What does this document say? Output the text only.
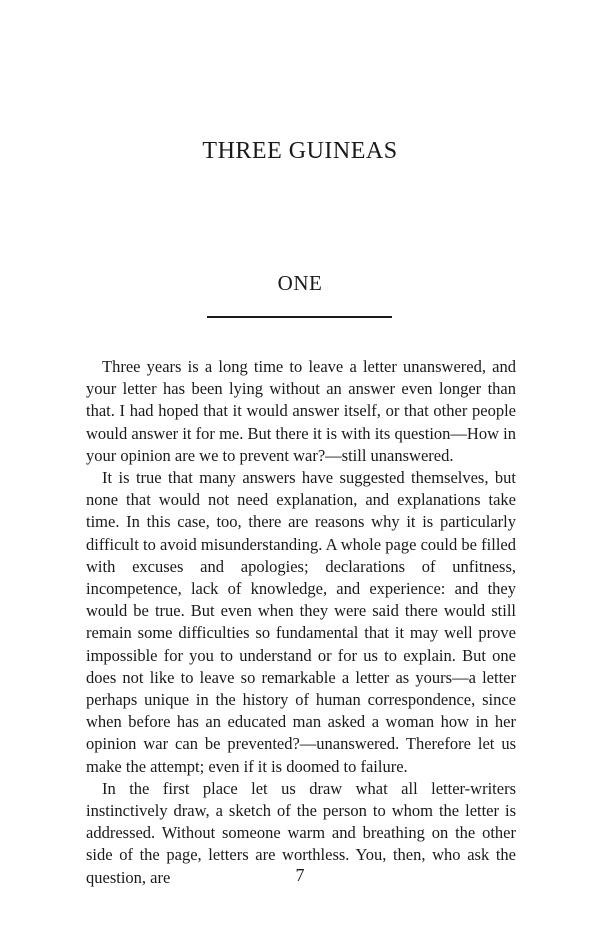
THREE GUINEAS
ONE

Three years is a long time to leave a letter unanswered, and your letter has been lying without an answer even longer than that. I had hoped that it would answer itself, or that other people would answer it for me. But there it is with its question—How in your opinion are we to prevent war?—still unanswered.

It is true that many answers have suggested themselves, but none that would not need explanation, and explanations take time. In this case, too, there are reasons why it is particularly difficult to avoid misunderstanding. A whole page could be filled with excuses and apologies; declarations of unfitness, incompetence, lack of knowledge, and experience: and they would be true. But even when they were said there would still remain some difficulties so fundamental that it may well prove impossible for you to understand or for us to explain. But one does not like to leave so remarkable a letter as yours—a letter perhaps unique in the history of human correspondence, since when before has an educated man asked a woman how in her opinion war can be prevented?—unanswered. Therefore let us make the attempt; even if it is doomed to failure.

In the first place let us draw what all letter-writers instinctively draw, a sketch of the person to whom the letter is addressed. Without someone warm and breathing on the other side of the page, letters are worthless. You, then, who ask the question, are	7
